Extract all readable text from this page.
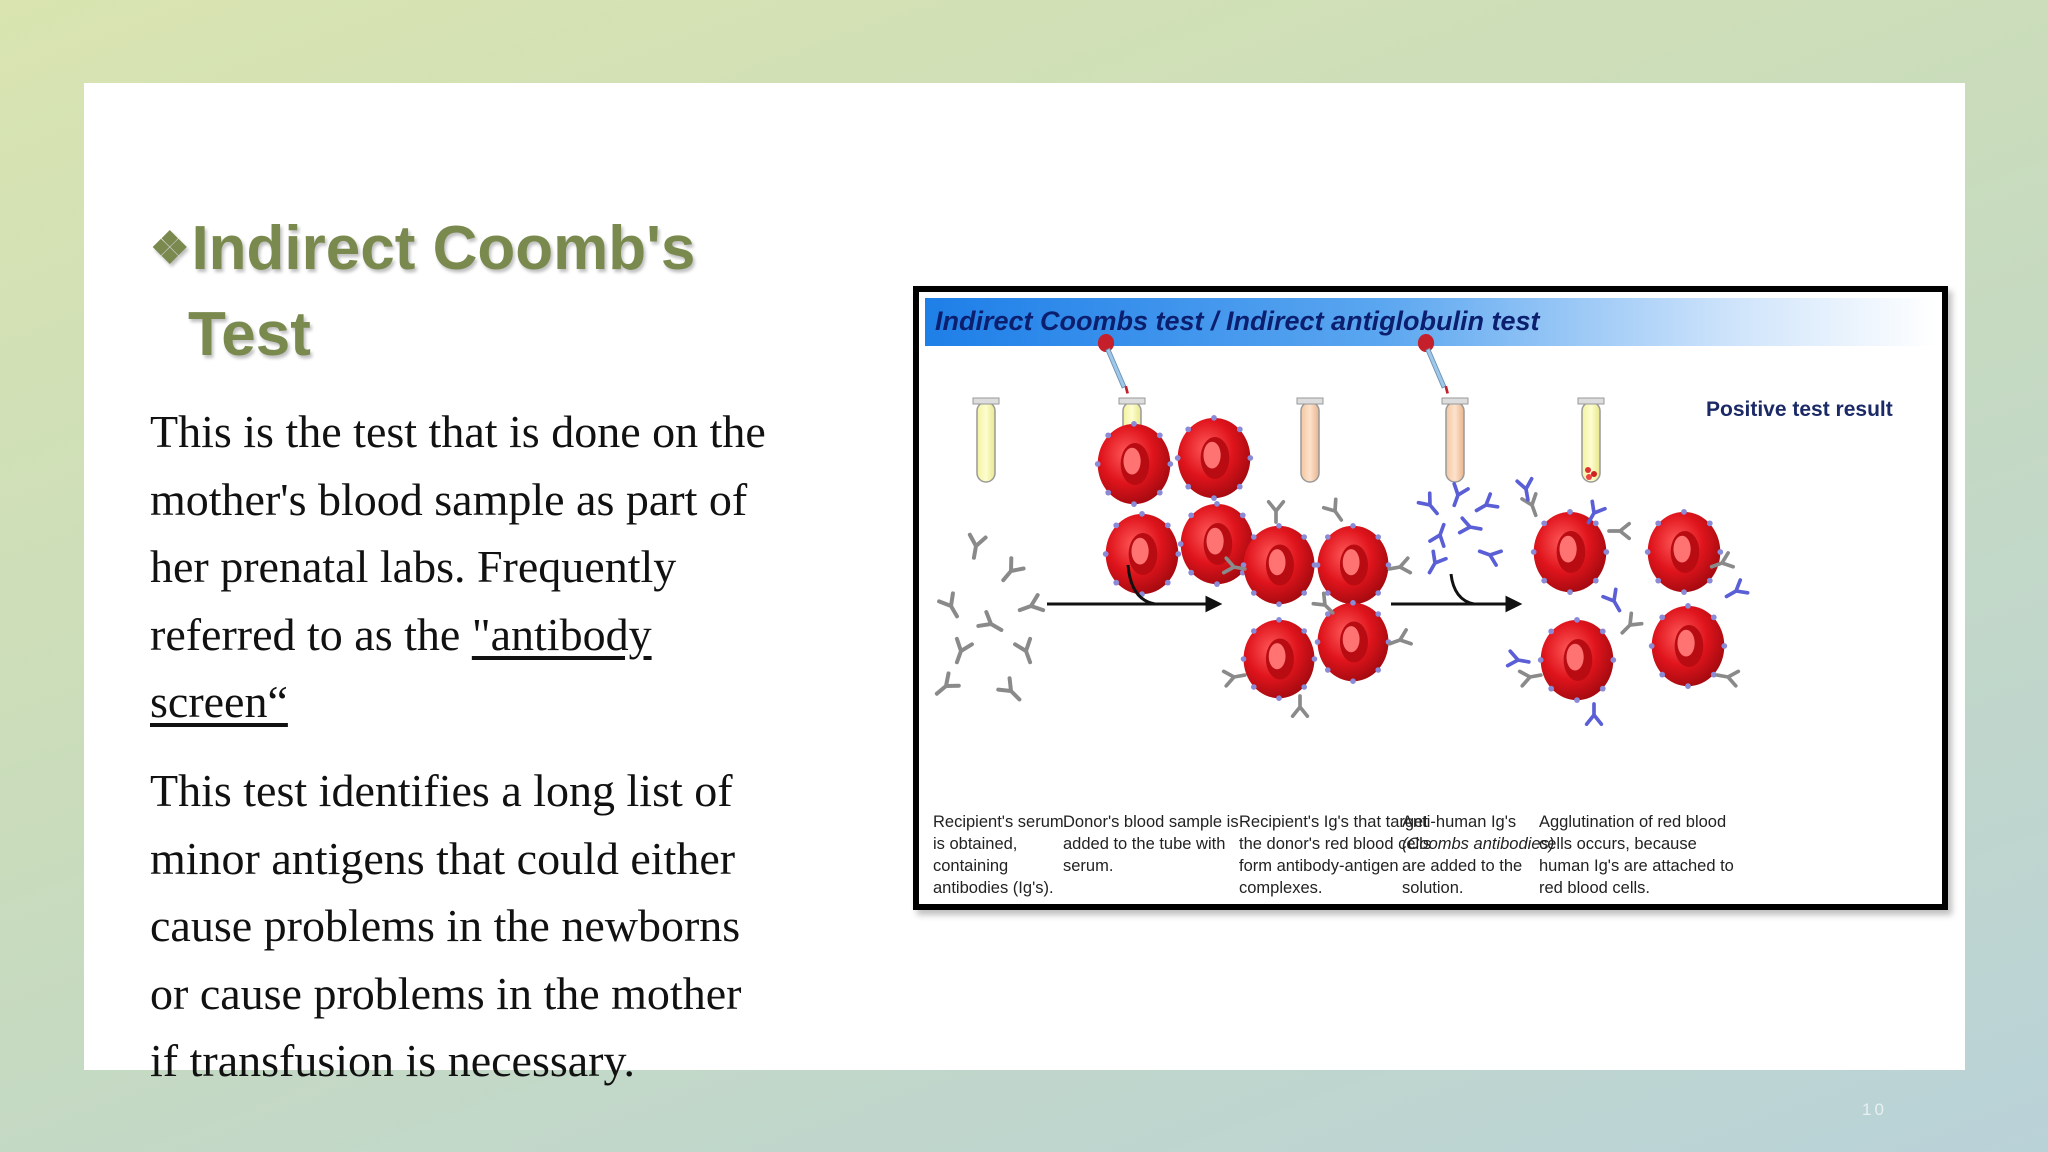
❖Indirect Coomb's
Test
This is the test that is done on the
mother's blood sample as part of
her prenatal labs. Frequently
referred to as the "antibody
screen“
This test identifies a long list of
minor antigens that could either
cause problems in the newborns
or cause problems in the mother
if transfusion is necessary.
10
Indirect Coombs test / Indirect antiglobulin test
Positive test result
Recipient's serum
is obtained,
containing
antibodies (Ig's).
Donor's blood sample is
added to the tube with
serum.
Recipient's Ig's that target
the donor's red blood cells
form antibody-antigen
complexes.
Anti-human Ig's
(Coombs antibodies)
are added to the
solution.
Agglutination of red blood
cells occurs, because
human Ig's are attached to
red blood cells.
